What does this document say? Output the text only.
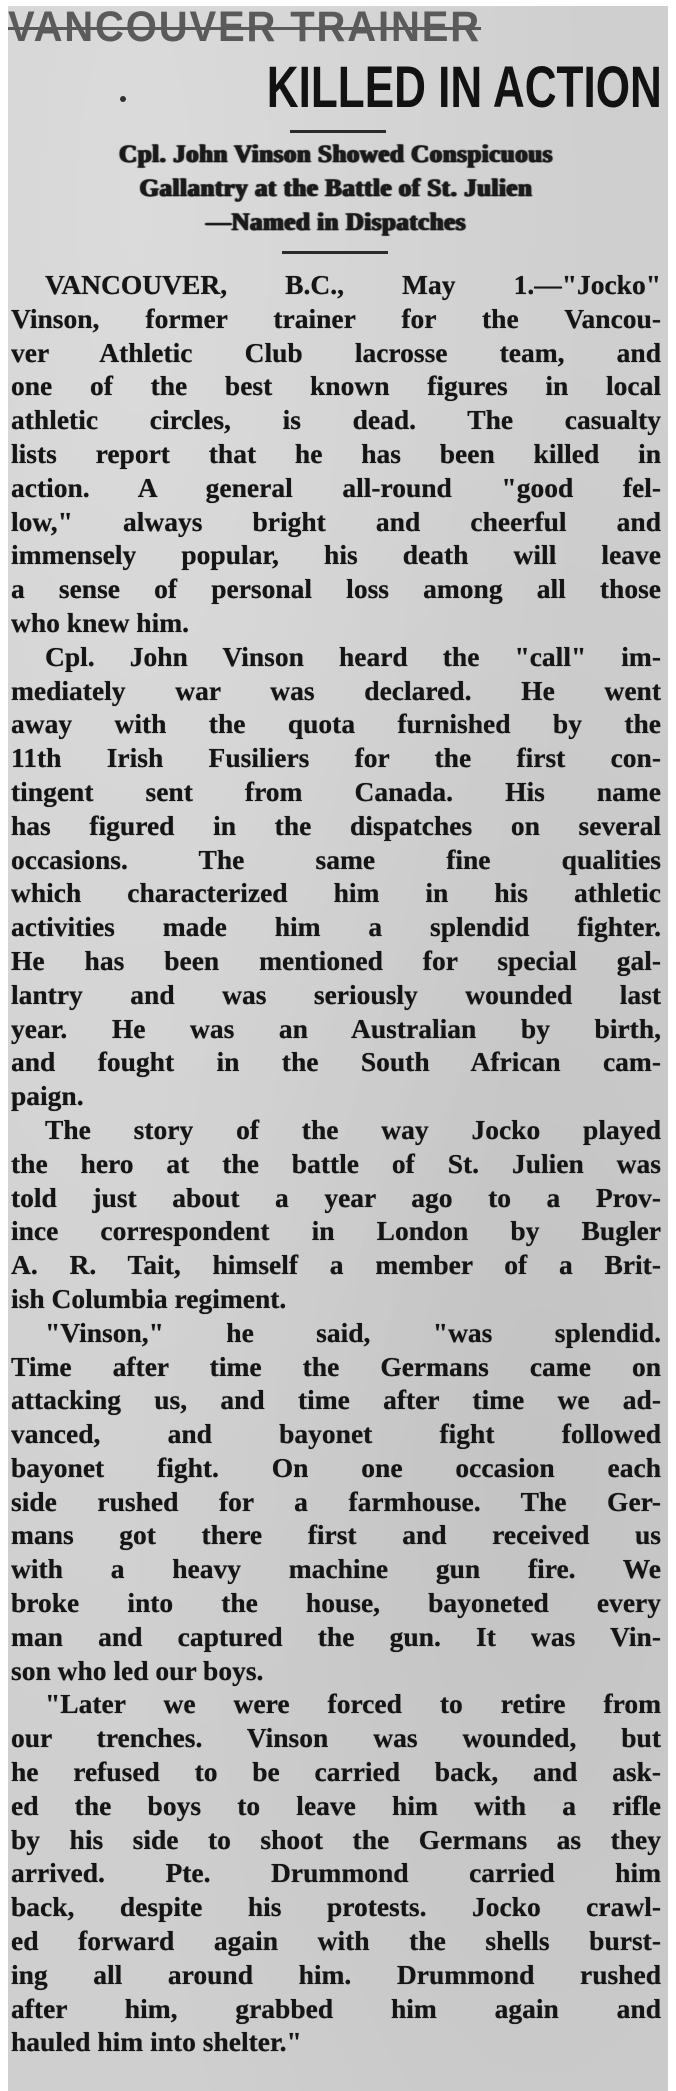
VANCOUVER TRAINER
KILLED IN ACTION
Cpl. John Vinson Showed Conspicuous
Gallantry at the Battle of St. Julien
—Named in Dispatches
VANCOUVER, B.C., May 1.—"Jocko"
Vinson, former trainer for the Vancou-
ver Athletic Club lacrosse team, and
one of the best known figures in local
athletic circles, is dead. The casualty
lists report that he has been killed in
action. A general all-round "good fel-
low," always bright and cheerful and
immensely popular, his death will leave
a sense of personal loss among all those
who knew him.
Cpl. John Vinson heard the "call" im-
mediately war was declared. He went
away with the quota furnished by the
11th Irish Fusiliers for the first con-
tingent sent from Canada. His name
has figured in the dispatches on several
occasions. The same fine qualities
which characterized him in his athletic
activities made him a splendid fighter.
He has been mentioned for special gal-
lantry and was seriously wounded last
year. He was an Australian by birth,
and fought in the South African cam-
paign.
The story of the way Jocko played
the hero at the battle of St. Julien was
told just about a year ago to a Prov-
ince correspondent in London by Bugler
A. R. Tait, himself a member of a Brit-
ish Columbia regiment.
"Vinson," he said, "was splendid.
Time after time the Germans came on
attacking us, and time after time we ad-
vanced, and bayonet fight followed
bayonet fight. On one occasion each
side rushed for a farmhouse. The Ger-
mans got there first and received us
with a heavy machine gun fire. We
broke into the house, bayoneted every
man and captured the gun. It was Vin-
son who led our boys.
"Later we were forced to retire from
our trenches. Vinson was wounded, but
he refused to be carried back, and ask-
ed the boys to leave him with a rifle
by his side to shoot the Germans as they
arrived. Pte. Drummond carried him
back, despite his protests. Jocko crawl-
ed forward again with the shells burst-
ing all around him. Drummond rushed
after him, grabbed him again and
hauled him into shelter."
